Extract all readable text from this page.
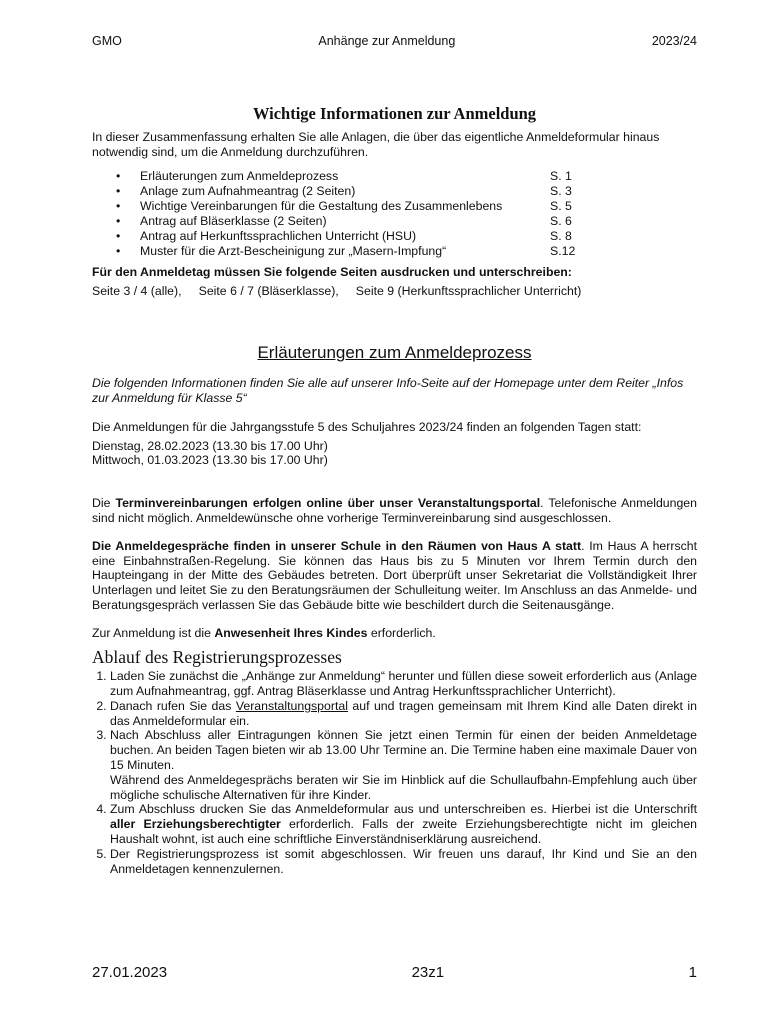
GMO	Anhänge zur Anmeldung	2023/24
Wichtige Informationen zur Anmeldung

In dieser Zusammenfassung erhalten Sie alle Anlagen, die über das eigentliche Anmeldeformular hinaus notwendig sind, um die Anmeldung durchzuführen.

• Erläuterungen zum Anmeldeprozess	S. 1
• Anlage zum Aufnahmeantrag (2 Seiten)	S. 3
• Wichtige Vereinbarungen für die Gestaltung des Zusammenlebens	S. 5
• Antrag auf Bläserklasse (2 Seiten)	S. 6
• Antrag auf Herkunftssprachlichen Unterricht (HSU)	S. 8
• Muster für die Arzt-Bescheinigung zur „Masern-Impfung“	S.12

Für den Anmeldetag müssen Sie folgende Seiten ausdrucken und unterschreiben:

Seite 3 / 4 (alle),     Seite 6 / 7 (Bläserklasse),     Seite 9 (Herkunftssprachlicher Unterricht)

Erläuterungen zum Anmeldeprozess

Die folgenden Informationen finden Sie alle auf unserer Info-Seite auf der Homepage unter dem Reiter „Infos zur Anmeldung für Klasse 5“

Die Anmeldungen für die Jahrgangsstufe 5 des Schuljahres 2023/24 finden an folgenden Tagen statt:

Dienstag, 28.02.2023 (13.30 bis 17.00 Uhr)

Mittwoch, 01.03.2023 (13.30 bis 17.00 Uhr)

Die Terminvereinbarungen erfolgen online über unser Veranstaltungsportal. Telefonische Anmeldungen sind nicht möglich. Anmeldewünsche ohne vorherige Terminvereinbarung sind ausgeschlossen.

Die Anmeldegespräche finden in unserer Schule in den Räumen von Haus A statt. Im Haus A herrscht eine Einbahnstraßen-Regelung. Sie können das Haus bis zu 5 Minuten vor Ihrem Termin durch den Haupteingang in der Mitte des Gebäudes betreten. Dort überprüft unser Sekretariat die Vollständigkeit Ihrer Unterlagen und leitet Sie zu den Beratungsräumen der Schulleitung weiter. Im Anschluss an das Anmelde- und Beratungsgespräch verlassen Sie das Gebäude bitte wie beschildert durch die Seitenausgänge.

Zur Anmeldung ist die Anwesenheit Ihres Kindes erforderlich.

Ablauf des Registrierungsprozesses
1. Laden Sie zunächst die „Anhänge zur Anmeldung“ herunter und füllen diese soweit erforderlich aus (Anlage zum Aufnahmeantrag, ggf. Antrag Bläserklasse und Antrag Herkunftssprachlicher Unterricht).
2. Danach rufen Sie das Veranstaltungsportal auf und tragen gemeinsam mit Ihrem Kind alle Daten direkt in das Anmeldeformular ein.
3. Nach Abschluss aller Eintragungen können Sie jetzt einen Termin für einen der beiden Anmeldetage buchen. An beiden Tagen bieten wir ab 13.00 Uhr Termine an. Die Termine haben eine maximale Dauer von 15 Minuten.
Während des Anmeldegesprächs beraten wir Sie im Hinblick auf die Schullaufbahn-Empfehlung auch über mögliche schulische Alternativen für ihre Kinder.
4. Zum Abschluss drucken Sie das Anmeldeformular aus und unterschreiben es. Hierbei ist die Unterschrift aller Erziehungsberechtigter erforderlich. Falls der zweite Erziehungsberechtigte nicht im gleichen Haushalt wohnt, ist auch eine schriftliche Einverständniserklärung ausreichend.
5. Der Registrierungsprozess ist somit abgeschlossen. Wir freuen uns darauf, Ihr Kind und Sie an den Anmeldetagen kennenzulernen.
27.01.2023	23z1	1
